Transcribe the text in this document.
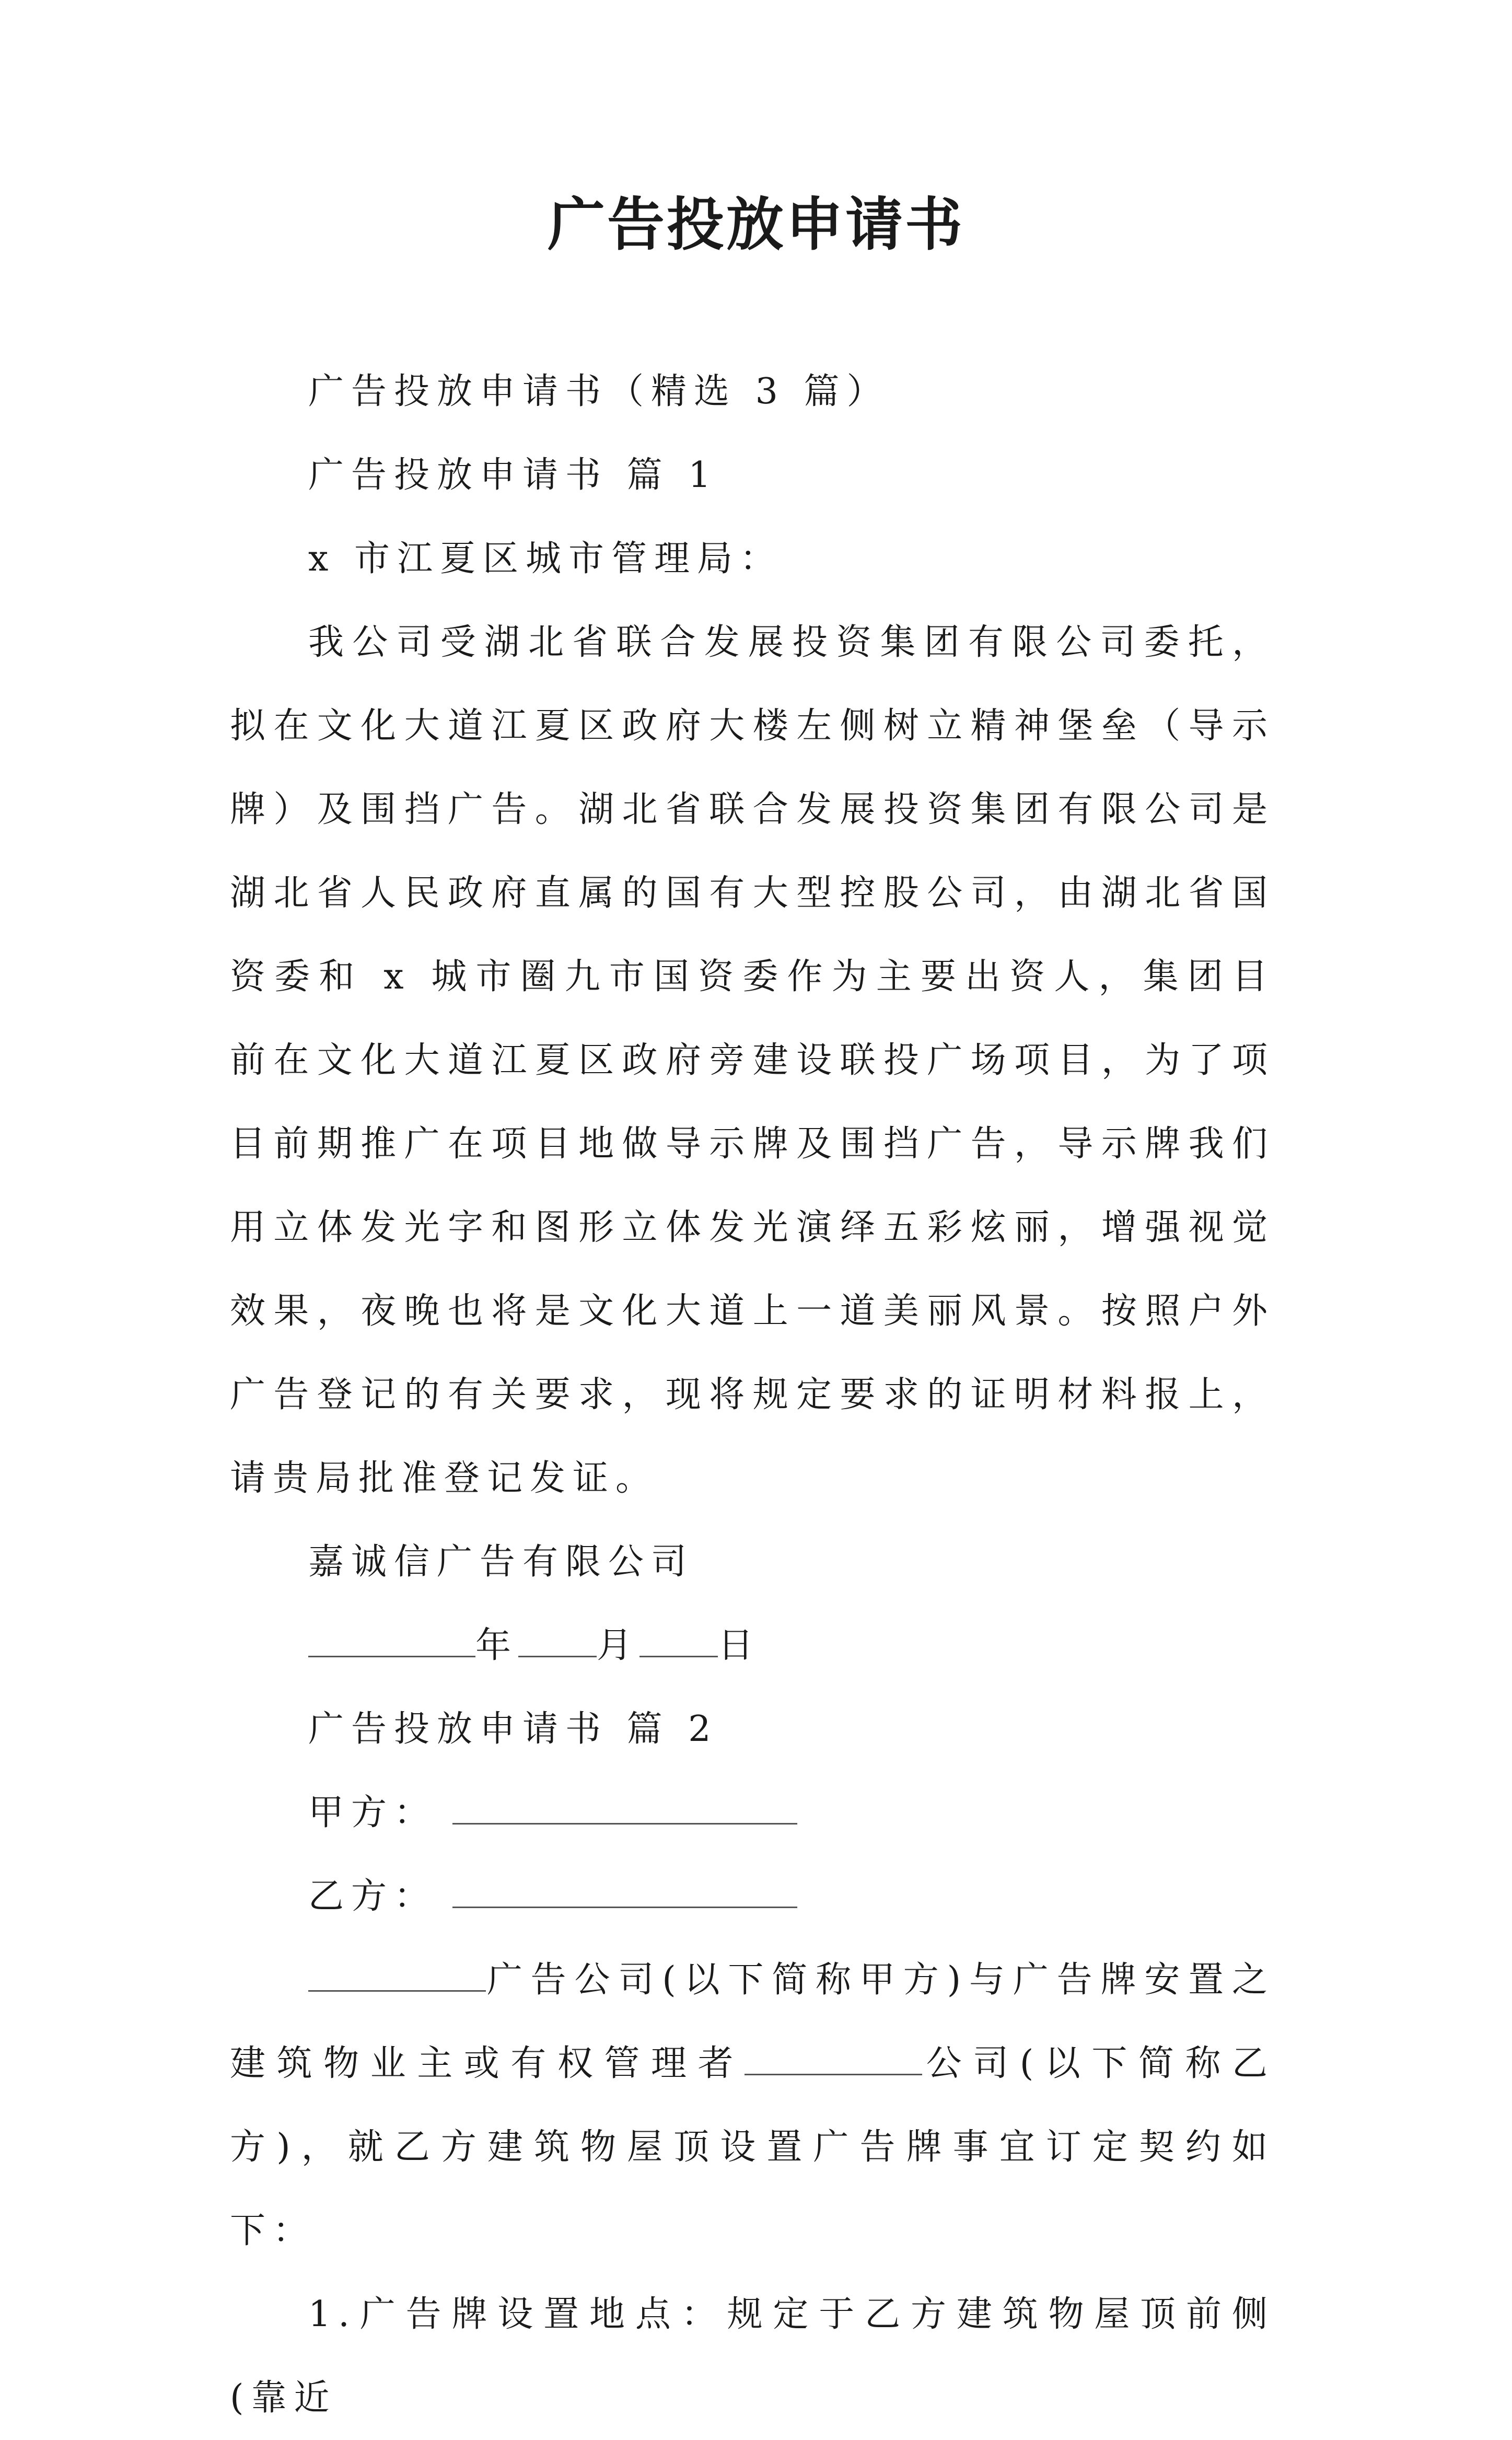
广告投放申请书

广告投放申请书（精选 3 篇）

广告投放申请书 篇 1

x 市江夏区城市管理局：

我公司受湖北省联合发展投资集团有限公司委托，拟在文化大道江夏区政府大楼左侧树立精神堡垒（导示牌）及围挡广告。湖北省联合发展投资集团有限公司是湖北省人民政府直属的国有大型控股公司，由湖北省国资委和 x 城市圈九市国资委作为主要出资人，集团目前在文化大道江夏区政府旁建设联投广场项目，为了项目前期推广在项目地做导示牌及围挡广告，导示牌我们用立体发光字和图形立体发光演绎五彩炫丽，增强视觉效果，夜晚也将是文化大道上一道美丽风景。按照户外广告登记的有关要求，现将规定要求的证明材料报上，请贵局批准登记发证。

嘉诚信广告有限公司

年 月 日

广告投放申请书 篇 2

甲方：

乙方：

广告公司(以下简称甲方)与广告牌安置之建筑物业主或有权管理者	公司(以下简称乙方)，就乙方建筑物屋顶设置广告牌事宜订定契约如下：

1.广告牌设置地点：规定于乙方建筑物屋顶前侧(靠近
